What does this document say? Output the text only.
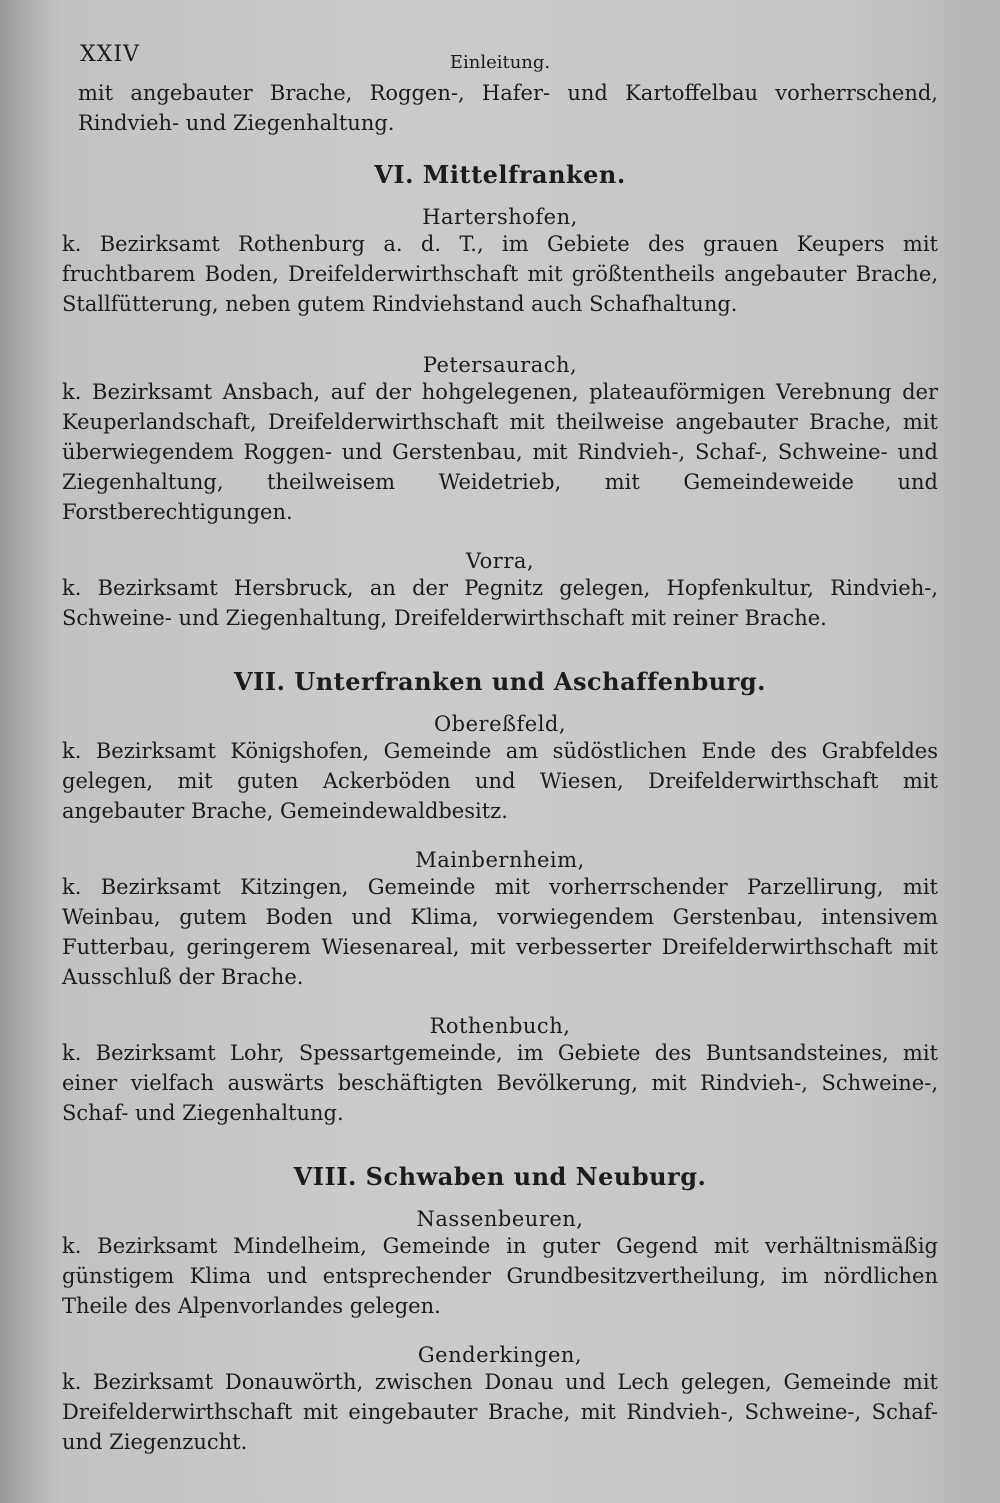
XXIV	Einleitung.

mit angebauter Brache, Roggen-, Hafer- und Kartoffelbau vorherrschend, Rindvieh- und Ziegenhaltung.

VI. Mittelfranken.

Hartershofen,

k. Bezirksamt Rothenburg a. d. T., im Gebiete des grauen Keupers mit fruchtbarem Boden, Dreifelderwirthschaft mit größtentheils angebauter Brache, Stallfütterung, neben gutem Rindviehstand auch Schafhaltung.

Petersaurach,

k. Bezirksamt Ansbach, auf der hohgelegenen, plateauförmigen Verebnung der Keuperlandschaft, Dreifelderwirthschaft mit theilweise angebauter Brache, mit überwiegendem Roggen- und Gerstenbau, mit Rindvieh-, Schaf-, Schweine- und Ziegenhaltung, theilweisem Weidetrieb, mit Gemeindeweide und Forstberechtigungen.

Vorra,

k. Bezirksamt Hersbruck, an der Pegnitz gelegen, Hopfenkultur, Rindvieh-, Schweine- und Ziegenhaltung, Dreifelderwirthschaft mit reiner Brache.

VII. Unterfranken und Aschaffenburg.

Obereßfeld,

k. Bezirksamt Königshofen, Gemeinde am südöstlichen Ende des Grabfeldes gelegen, mit guten Ackerböden und Wiesen, Dreifelderwirthschaft mit angebauter Brache, Gemeindewaldbesitz.

Mainbernheim,

k. Bezirksamt Kitzingen, Gemeinde mit vorherrschender Parzellirung, mit Weinbau, gutem Boden und Klima, vorwiegendem Gerstenbau, intensivem Futterbau, geringerem Wiesenareal, mit verbesserter Dreifelderwirthschaft mit Ausschluß der Brache.

Rothenbuch,

k. Bezirksamt Lohr, Spessartgemeinde, im Gebiete des Buntsandsteines, mit einer vielfach auswärts beschäftigten Bevölkerung, mit Rindvieh-, Schweine-, Schaf- und Ziegenhaltung.

VIII. Schwaben und Neuburg.

Nassenbeuren,

k. Bezirksamt Mindelheim, Gemeinde in guter Gegend mit verhältnismäßig günstigem Klima und entsprechender Grundbesitzvertheilung, im nördlichen Theile des Alpenvorlandes gelegen.

Genderkingen,

k. Bezirksamt Donauwörth, zwischen Donau und Lech gelegen, Gemeinde mit Dreifelderwirthschaft mit eingebauter Brache, mit Rindvieh-, Schweine-, Schaf- und Ziegenzucht.
